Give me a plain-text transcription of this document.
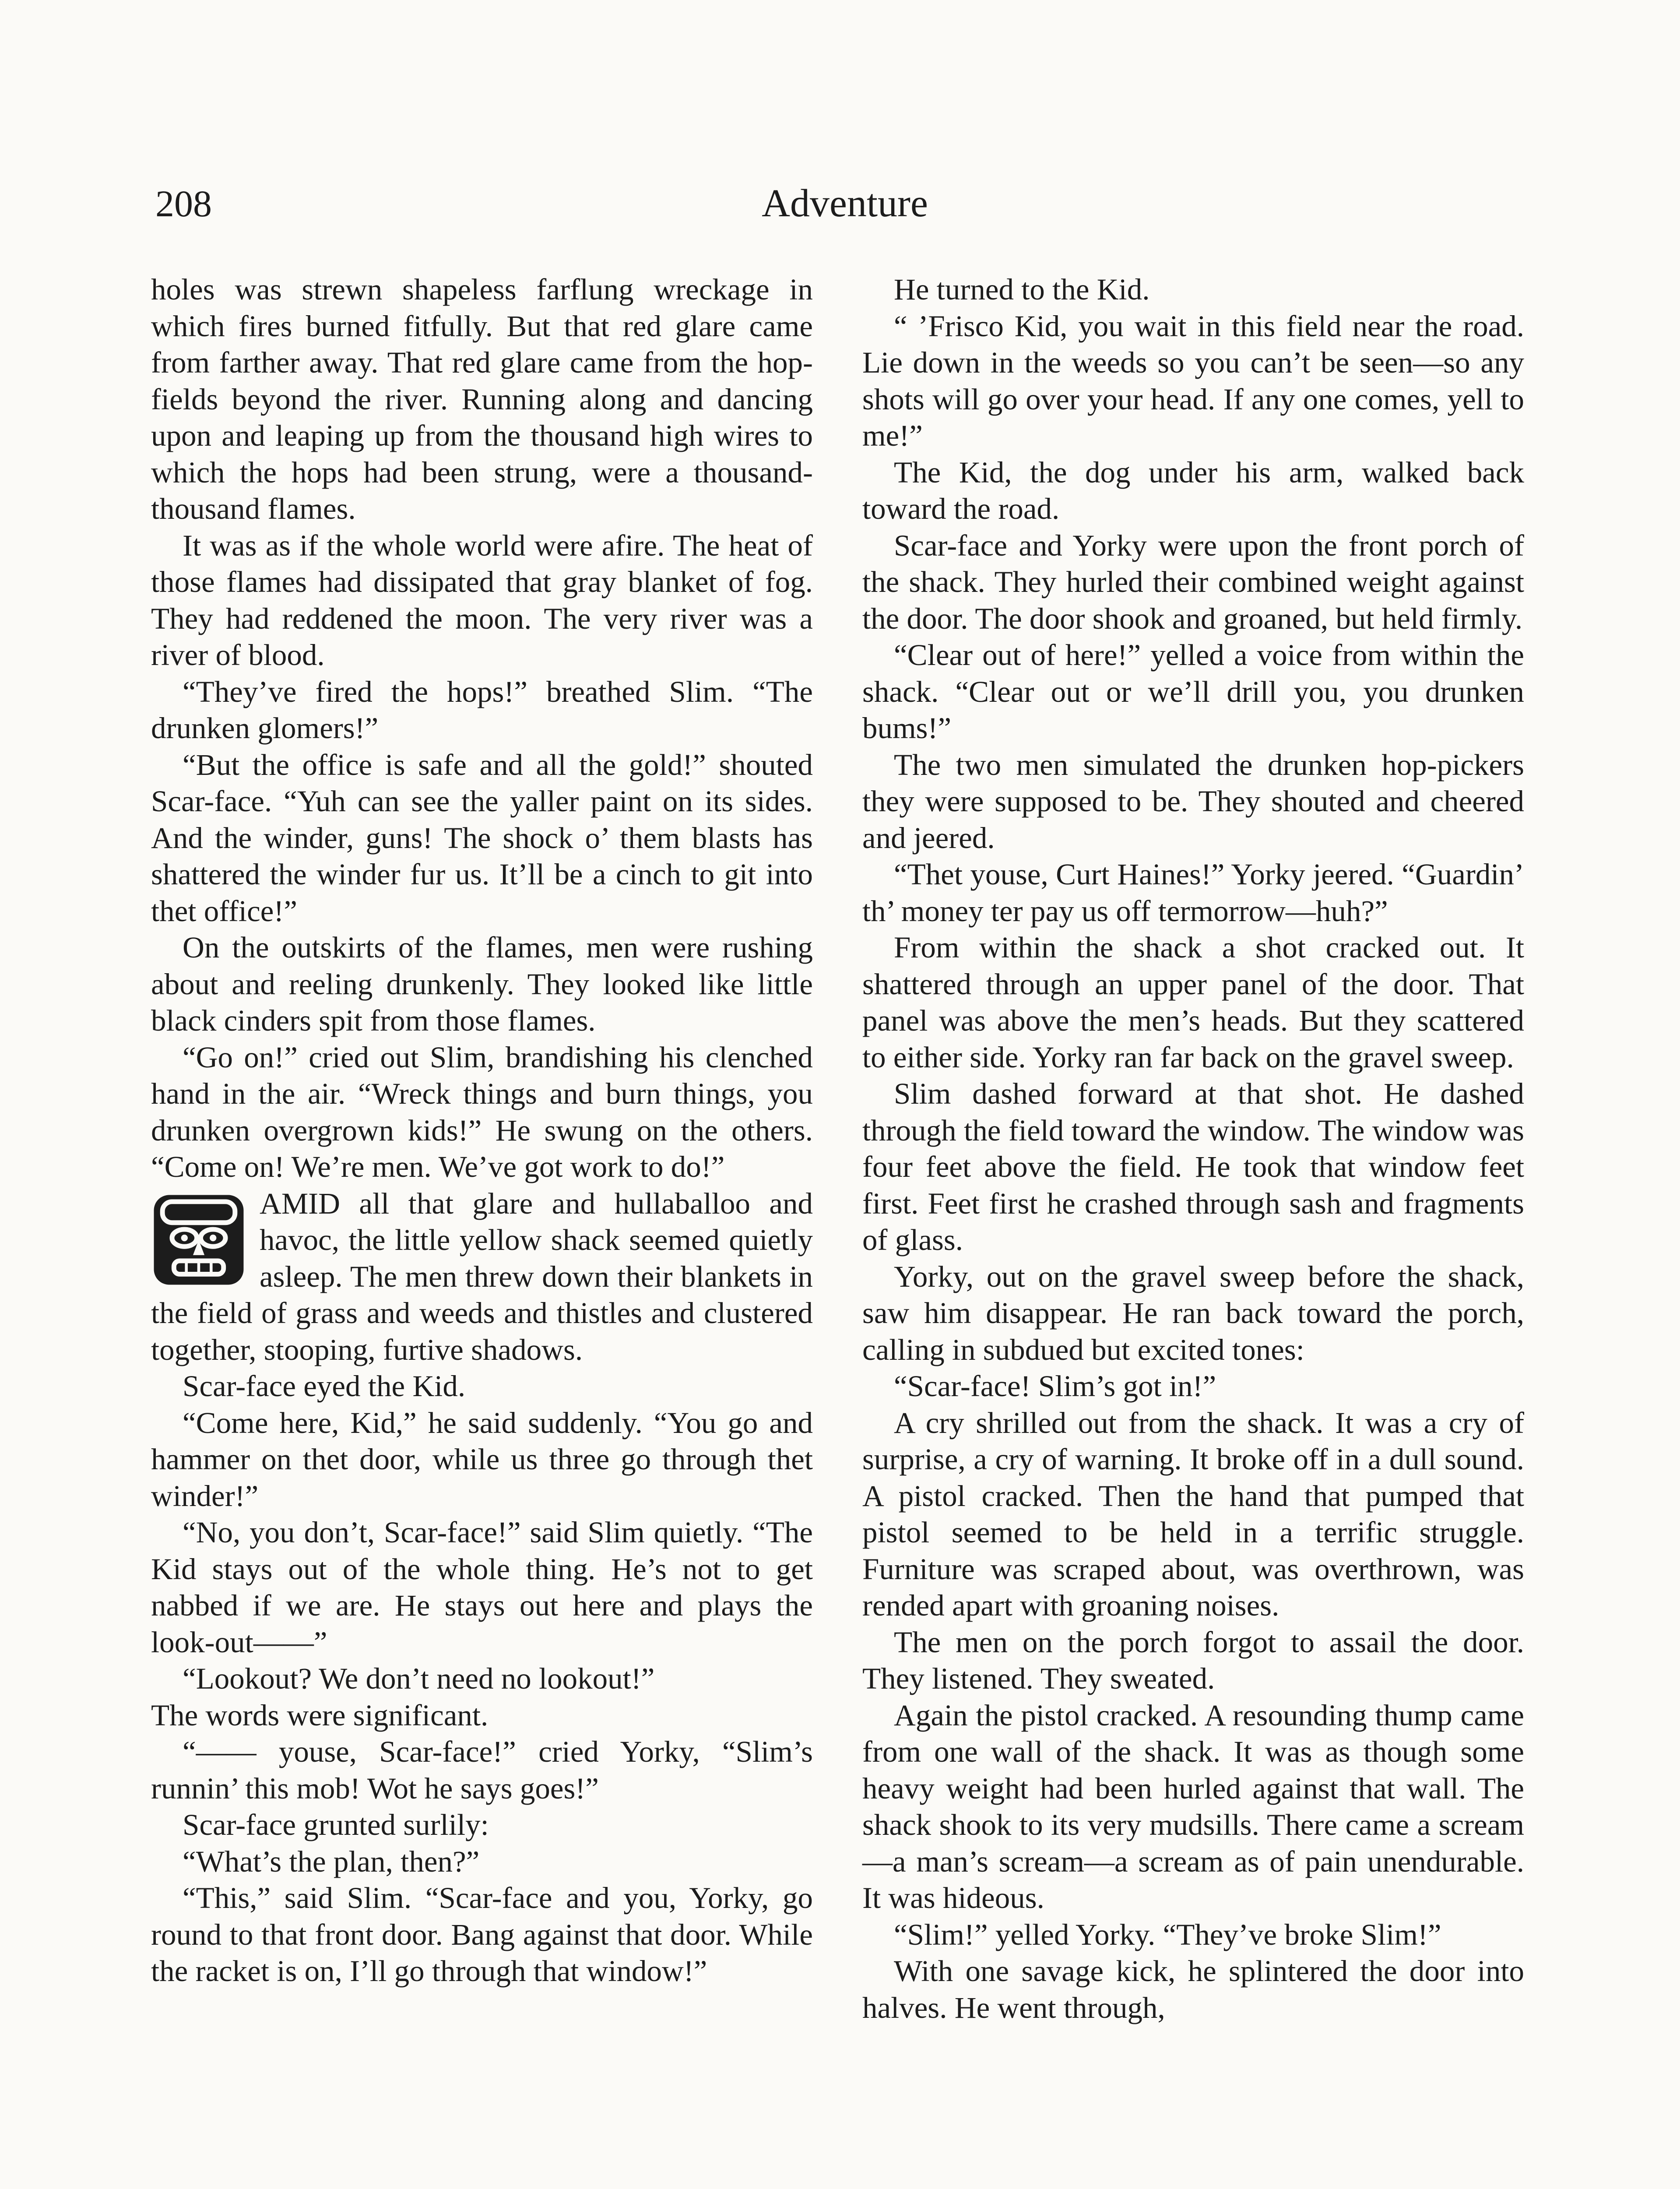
208	Adventure

holes was strewn shapeless farflung wreckage in which fires burned fitfully. But that red glare came from farther away. That red glare came from the hop-fields beyond the river. Running along and dancing upon and leaping up from the thousand high wires to which the hops had been strung, were a thousand-thousand flames.

It was as if the whole world were afire. The heat of those flames had dissipated that gray blanket of fog. They had reddened the moon. The very river was a river of blood.

“They’ve fired the hops!” breathed Slim. “The drunken glomers!”

“But the office is safe and all the gold!” shouted Scar-face. “Yuh can see the yaller paint on its sides. And the winder, guns! The shock o’ them blasts has shattered the winder fur us. It’ll be a cinch to git into thet office!”

On the outskirts of the flames, men were rushing about and reeling drunkenly. They looked like little black cinders spit from those flames.

“Go on!” cried out Slim, brandishing his clenched hand in the air. “Wreck things and burn things, you drunken overgrown kids!” He swung on the others. “Come on! We’re men. We’ve got work to do!”

AMID all that glare and hullaballoo and havoc, the little yellow shack seemed quietly asleep. The men threw down their blankets in the field of grass and weeds and thistles and clustered together, stooping, furtive shadows.

Scar-face eyed the Kid.

“Come here, Kid,” he said suddenly. “You go and hammer on thet door, while us three go through thet winder!”

“No, you don’t, Scar-face!” said Slim quietly. “The Kid stays out of the whole thing. He’s not to get nabbed if we are. He stays out here and plays the look-out——”

“Lookout? We don’t need no lookout!”

The words were significant.

“—— youse, Scar-face!” cried Yorky, “Slim’s runnin’ this mob! Wot he says goes!”

Scar-face grunted surlily:

“What’s the plan, then?”

“This,” said Slim. “Scar-face and you, Yorky, go round to that front door. Bang against that door. While the racket is on, I’ll go through that window!”

He turned to the Kid.

“ ’Frisco Kid, you wait in this field near the road. Lie down in the weeds so you can’t be seen—so any shots will go over your head. If any one comes, yell to me!”

The Kid, the dog under his arm, walked back toward the road.

Scar-face and Yorky were upon the front porch of the shack. They hurled their combined weight against the door. The door shook and groaned, but held firmly.

“Clear out of here!” yelled a voice from within the shack. “Clear out or we’ll drill you, you drunken bums!”

The two men simulated the drunken hop-pickers they were supposed to be. They shouted and cheered and jeered.

“Thet youse, Curt Haines!” Yorky jeered. “Guardin’ th’ money ter pay us off termorrow—huh?”

From within the shack a shot cracked out. It shattered through an upper panel of the door. That panel was above the men’s heads. But they scattered to either side. Yorky ran far back on the gravel sweep.

Slim dashed forward at that shot. He dashed through the field toward the window. The window was four feet above the field. He took that window feet first. Feet first he crashed through sash and fragments of glass.

Yorky, out on the gravel sweep before the shack, saw him disappear. He ran back toward the porch, calling in subdued but excited tones:

“Scar-face! Slim’s got in!”

A cry shrilled out from the shack. It was a cry of surprise, a cry of warning. It broke off in a dull sound. A pistol cracked. Then the hand that pumped that pistol seemed to be held in a terrific struggle. Furniture was scraped about, was overthrown, was rended apart with groaning noises.

The men on the porch forgot to assail the door. They listened. They sweated.

Again the pistol cracked. A resounding thump came from one wall of the shack. It was as though some heavy weight had been hurled against that wall. The shack shook to its very mudsills. There came a scream—a man’s scream—a scream as of pain unendurable. It was hideous.

“Slim!” yelled Yorky. “They’ve broke Slim!”

With one savage kick, he splintered the door into halves. He went through,
